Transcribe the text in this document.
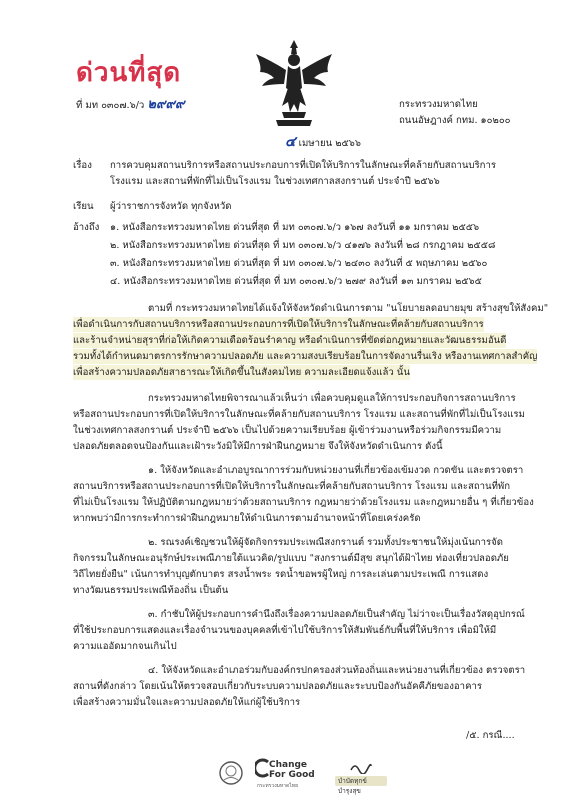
ด่วนที่สุด
ที่ มท ๐๓๐๗.๖/ว ๒๙๙๙	กระทรวงมหาดไทย
ถนนอัษฎางค์ กทม. ๑๐๒๐๐
๔ เมษายน ๒๕๖๖
เรื่อง การควบคุมสถานบริการหรือสถานประกอบการที่เปิดให้บริการในลักษณะที่คล้ายกับสถานบริการ
โรงแรม และสถานที่พักที่ไม่เป็นโรงแรม ในช่วงเทศกาลสงกรานต์ ประจำปี ๒๕๖๖
เรียน ผู้ว่าราชการจังหวัด ทุกจังหวัด
อ้างถึง ๑. หนังสือกระทรวงมหาดไทย ด่วนที่สุด ที่ มท ๐๓๐๗.๖/ว ๑๖๗ ลงวันที่ ๑๑ มกราคม ๒๕๕๖
๒. หนังสือกระทรวงมหาดไทย ด่วนที่สุด ที่ มท ๐๓๐๗.๖/ว ๔๑๗๖ ลงวันที่ ๒๘ กรกฎาคม ๒๕๕๘
๓. หนังสือกระทรวงมหาดไทย ด่วนที่สุด ที่ มท ๐๓๐๗.๖/ว ๒๔๓๐ ลงวันที่ ๕ พฤษภาคม ๒๕๖๐
๔. หนังสือกระทรวงมหาดไทย ด่วนที่สุด ที่ มท ๐๓๐๗.๖/ว ๒๗๙ ลงวันที่ ๑๓ มกราคม ๒๕๖๕
ตามที่ กระทรวงมหาดไทยได้แจ้งให้จังหวัดดำเนินการตาม "นโยบายลดอบายมุข สร้างสุขให้สังคม"
เพื่อดำเนินการกับสถานบริการหรือสถานประกอบการที่เปิดให้บริการในลักษณะที่คล้ายกับสถานบริการ
และร้านจำหน่ายสุราที่ก่อให้เกิดความเดือดร้อนรำคาญ หรือดำเนินการที่ขัดต่อกฎหมายและวัฒนธรรมอันดี
รวมทั้งได้กำหนดมาตรการรักษาความปลอดภัย และความสงบเรียบร้อยในการจัดงานรื่นเริง หรืองานเทศกาลสำคัญ
เพื่อสร้างความปลอดภัยสาธารณะให้เกิดขึ้นในสังคมไทย ความละเอียดแจ้งแล้ว นั้น
กระทรวงมหาดไทยพิจารณาแล้วเห็นว่า เพื่อควบคุมดูแลให้การประกอบกิจการสถานบริการ
หรือสถานประกอบการที่เปิดให้บริการในลักษณะที่คล้ายกับสถานบริการ โรงแรม และสถานที่พักที่ไม่เป็นโรงแรม
ในช่วงเทศกาลสงกรานต์ ประจำปี ๒๕๖๖ เป็นไปด้วยความเรียบร้อย ผู้เข้าร่วมงานหรือร่วมกิจกรรมมีความ
ปลอดภัยตลอดจนป้องกันและเฝ้าระวังมิให้มีการฝ่าฝืนกฎหมาย จึงให้จังหวัดดำเนินการ ดังนี้
๑. ให้จังหวัดและอำเภอบูรณาการร่วมกับหน่วยงานที่เกี่ยวข้องเข้มงวด กวดขัน และตรวจตรา
สถานบริการหรือสถานประกอบการที่เปิดให้บริการในลักษณะที่คล้ายกับสถานบริการ โรงแรม และสถานที่พัก
ที่ไม่เป็นโรงแรม ให้ปฏิบัติตามกฎหมายว่าด้วยสถานบริการ กฎหมายว่าด้วยโรงแรม และกฎหมายอื่น ๆ ที่เกี่ยวข้อง
หากพบว่ามีการกระทำการฝ่าฝืนกฎหมายให้ดำเนินการตามอำนาจหน้าที่โดยเคร่งครัด
๒. รณรงค์เชิญชวนให้ผู้จัดกิจกรรมประเพณีสงกรานต์ รวมทั้งประชาชนให้มุ่งเน้นการจัด
กิจกรรมในลักษณะอนุรักษ์ประเพณีภายใต้แนวคิด/รูปแบบ "สงกรานต์มีสุข สนุกได้ฝ้าไทย ท่องเที่ยวปลอดภัย
วิถีไทยยั่งยืน" เน้นการทำบุญตักบาตร สรงน้ำพระ รดน้ำขอพรผู้ใหญ่ การละเล่นตามประเพณี การแสดง
ทางวัฒนธรรมประเพณีท้องถิ่น เป็นต้น
๓. กำชับให้ผู้ประกอบการคำนึงถึงเรื่องความปลอดภัยเป็นสำคัญ ไม่ว่าจะเป็นเรื่องวัสดุอุปกรณ์
ที่ใช้ประกอบการแสดงและเรื่องจำนวนของบุคคลที่เข้าไปใช้บริการให้สัมพันธ์กับพื้นที่ให้บริการ เพื่อมิให้มี
ความแออัดมากจนเกินไป
๔. ให้จังหวัดและอำเภอร่วมกับองค์กรปกครองส่วนท้องถิ่นและหน่วยงานที่เกี่ยวข้อง ตรวจตรา
สถานที่ดังกล่าว โดยเน้นให้ตรวจสอบเกี่ยวกับระบบความปลอดภัยและระบบป้องกันอัคคีภัยของอาคาร
เพื่อสร้างความมั่นใจและความปลอดภัยให้แก่ผู้ใช้บริการ
/๕. กรณี....
Change
For Good
กระทรวงมหาดไทย
บำบัดทุกข์ บำรุงสุข
